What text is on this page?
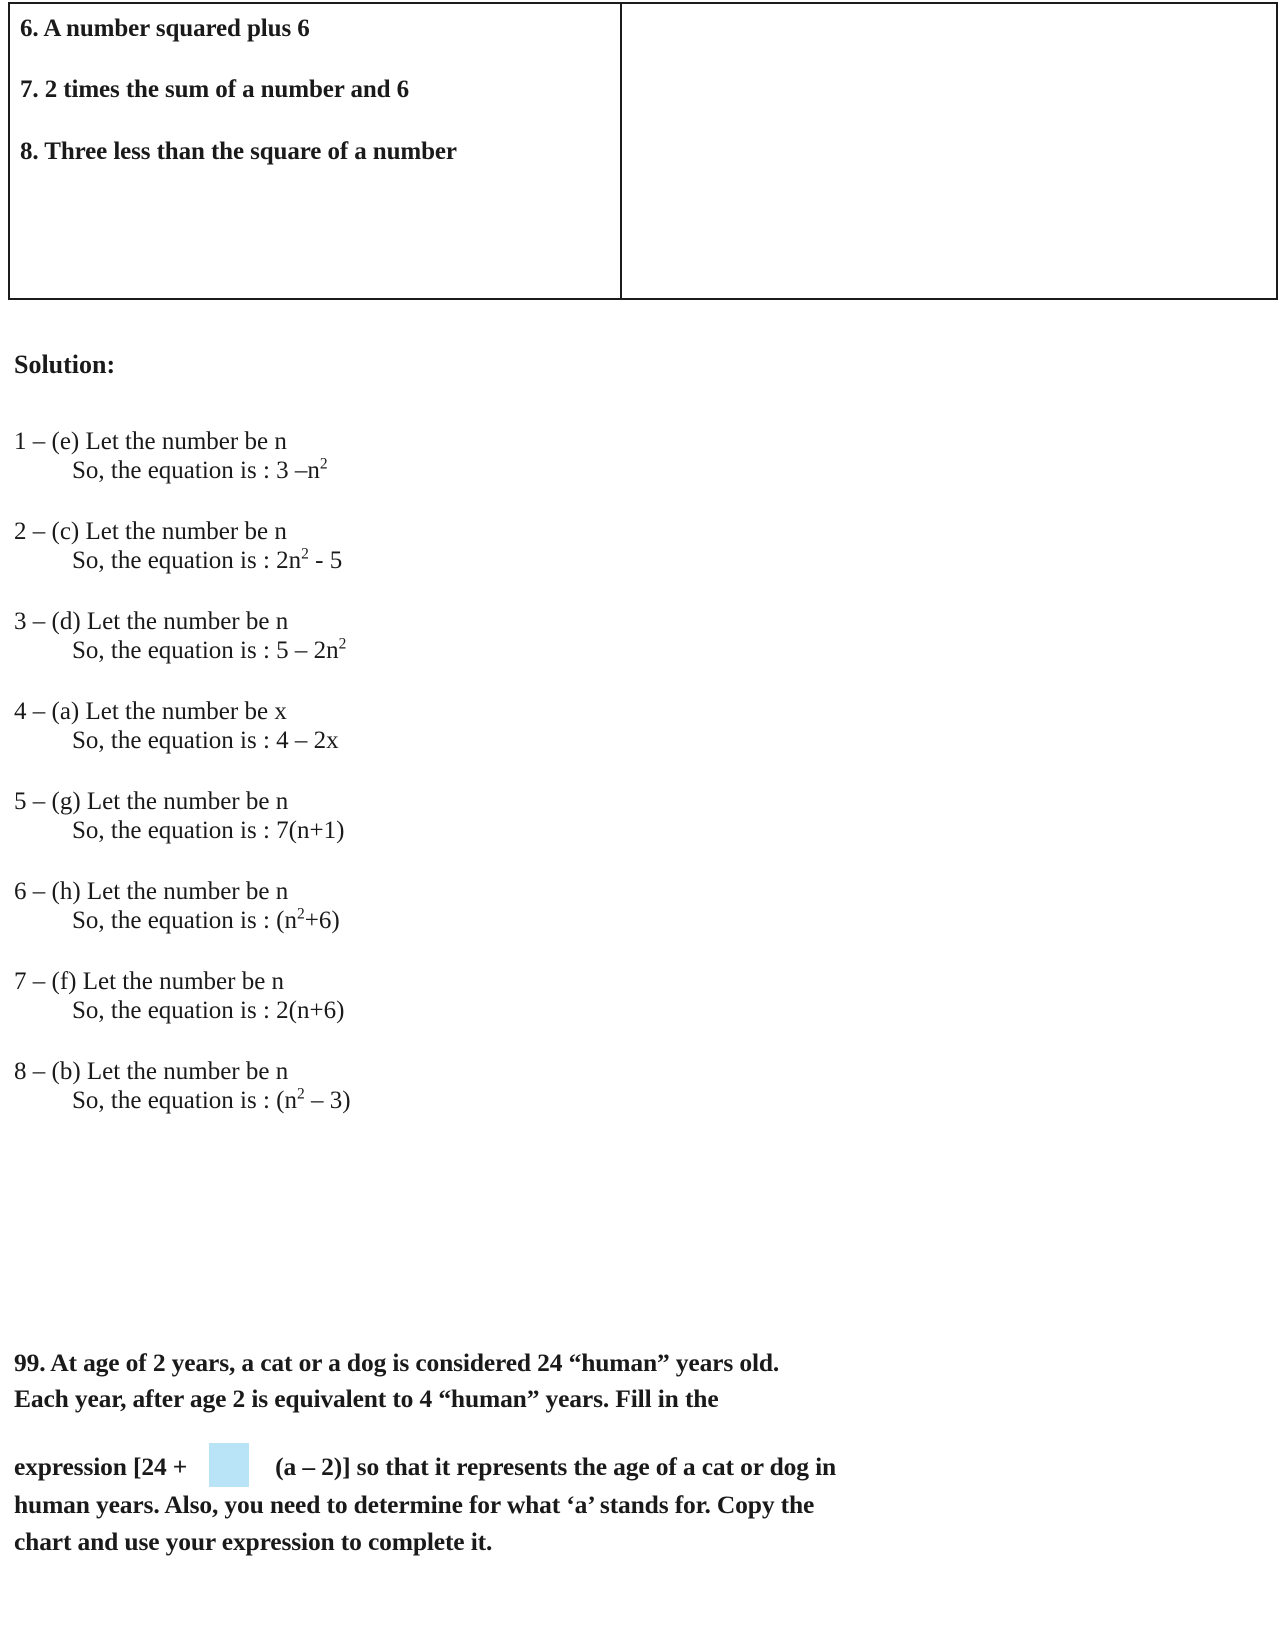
6. A number squared plus 6

7. 2 times the sum of a number and 6

8. Three less than the square of a number

Solution:
1 – (e) Let the number be n
So, the equation is : 3 $-n^2$
2 – (c) Let the number be n
So, the equation is : $2n^2 - 5$
3 – (d) Let the number be n
So, the equation is : $5 - 2n^2$
4 – (a) Let the number be x
So, the equation is : 4 – 2x
5 – (g) Let the number be n
So, the equation is : 7(n+1)
6 – (h) Let the number be n
So, the equation is : $(n^2+6)$
7 – (f) Let the number be n
So, the equation is : 2(n+6)
8 – (b) Let the number be n
So, the equation is : $(n^2 - 3)$
99. At age of 2 years, a cat or a dog is considered 24 “human” years old.
Each year, after age 2 is equivalent to 4 “human” years. Fill in the
expression [24 +	(a – 2)] so that it represents the age of a cat or dog in
human years. Also, you need to determine for what ‘a’ stands for. Copy the
chart and use your expression to complete it.
